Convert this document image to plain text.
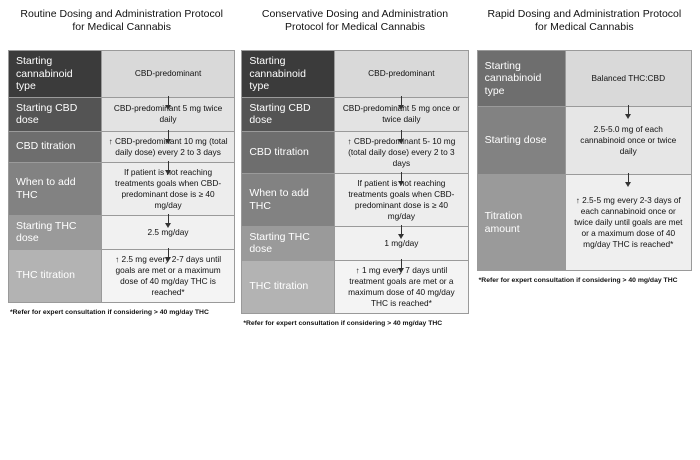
Routine Dosing and Administration Protocol for Medical Cannabis
Starting cannabinoid type	CBD-predominant

Starting CBD dose	CBD-predominant 5 mg twice daily

CBD titration	↑ CBD-predominant 10 mg (total daily dose) every 2 to 3 days

When to add THC	If patient is not reaching treatments goals when CBD-predominant dose is ≥ 40 mg/day

Starting THC dose	2.5 mg/day

THC titration	↑ 2.5 mg every 2-7 days until goals are met or a maximum dose of 40 mg/day THC is reached*
*Refer for expert consultation if considering > 40 mg/day THC
Conservative Dosing and Administration Protocol for Medical Cannabis
Starting cannabinoid type	CBD-predominant

Starting CBD dose	CBD-predominant 5 mg once or twice daily

CBD titration	↑ CBD-predominant 5- 10 mg (total daily dose) every 2 to 3 days

When to add THC	If patient is not reaching treatments goals when CBD-predominant dose is ≥ 40 mg/day

Starting THC dose	1 mg/day

THC titration	↑ 1 mg every 7 days until treatment goals are met or a maximum dose of 40 mg/day THC is reached*
*Refer for expert consultation if considering > 40 mg/day THC
Rapid Dosing and Administration Protocol for Medical Cannabis
Starting cannabinoid type	Balanced THC:CBD

Starting dose	2.5-5.0 mg of each cannabinoid once or twice daily

Titration amount	↑ 2.5-5 mg every 2-3 days of each cannabinoid once or twice daily until goals are met or a maximum dose of 40 mg/day THC is reached*
*Refer for expert consultation if considering > 40 mg/day THC
